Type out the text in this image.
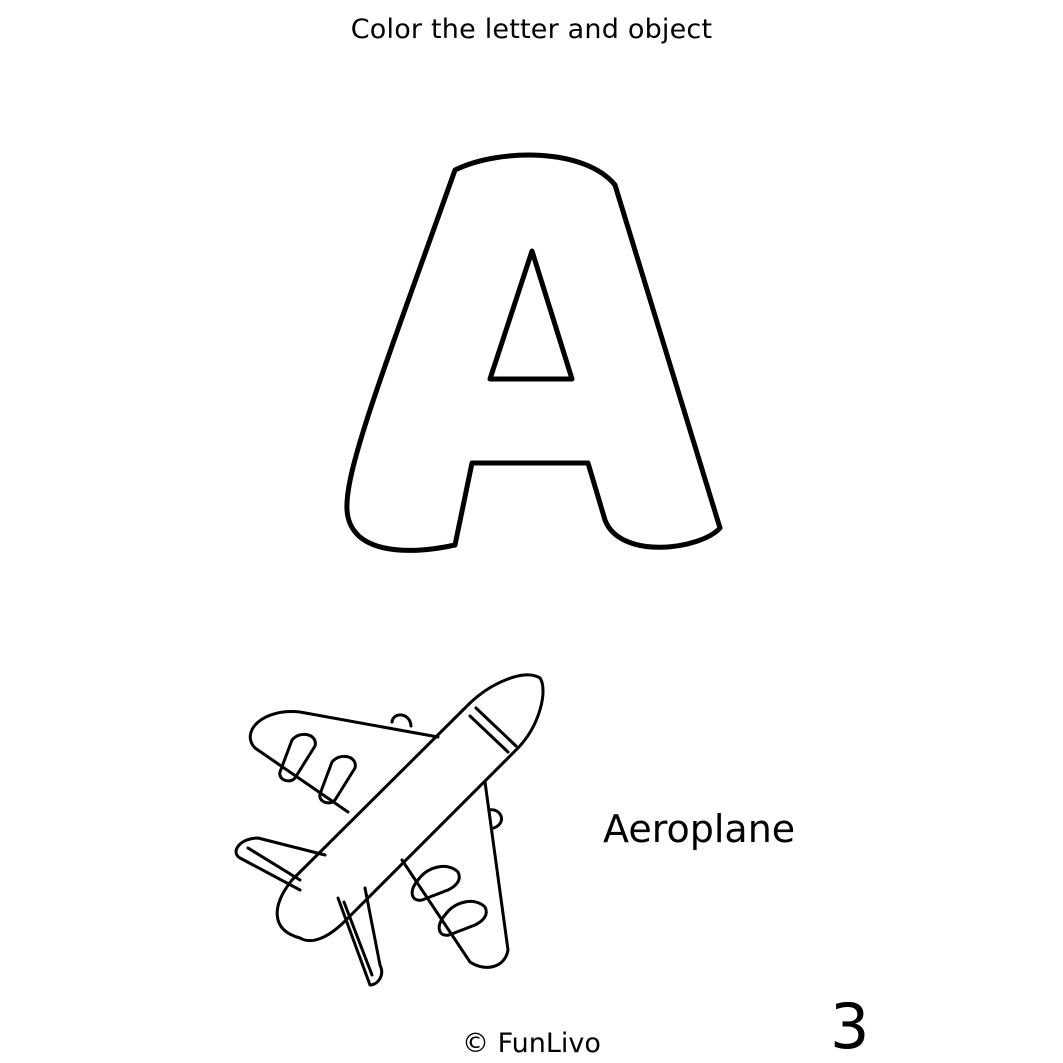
Color the letter and object
Aeroplane
© FunLivo	3
